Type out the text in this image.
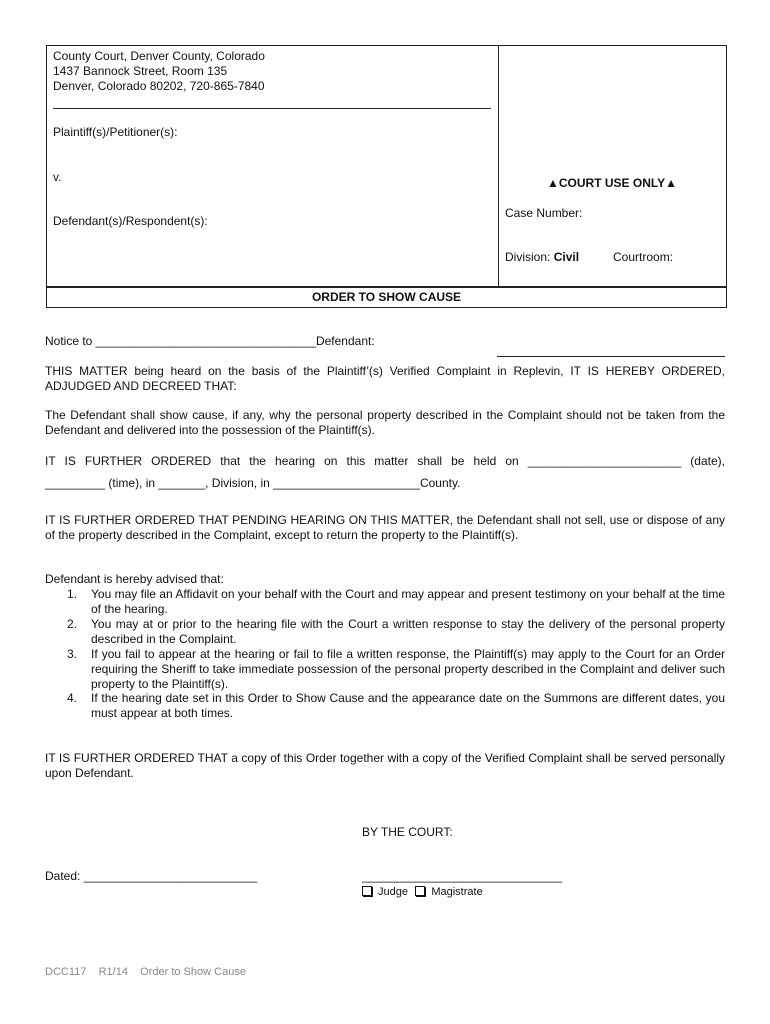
County Court, Denver County, Colorado
1437 Bannock Street, Room 135
Denver, Colorado 80202, 720-865-7840
Plaintiff(s)/Petitioner(s):
v.
Defendant(s)/Respondent(s):
▲COURT USE ONLY▲
Case Number:
Division: Civil	Courtroom:
ORDER TO SHOW CAUSE
Notice to _________________________________Defendant:
THIS MATTER being heard on the basis of the Plaintiff’(s) Verified Complaint in Replevin, IT IS HEREBY ORDERED, ADJUDGED AND DECREED THAT:
The Defendant shall show cause, if any, why the personal property described in the Complaint should not be taken from the Defendant and delivered into the possession of the Plaintiff(s).
IT IS FURTHER ORDERED that the hearing on this matter shall be held on _______________________ (date),
_________ (time), in _______, Division, in ______________________County.
IT IS FURTHER ORDERED THAT PENDING HEARING ON THIS MATTER, the Defendant shall not sell, use or dispose of any of the property described in the Complaint, except to return the property to the Plaintiff(s).
Defendant is hereby advised that:
1.	You may file an Affidavit on your behalf with the Court and may appear and present testimony on your behalf at the time of the hearing.
2.	You may at or prior to the hearing file with the Court a written response to stay the delivery of the personal property described in the Complaint.
3.	If you fail to appear at the hearing or fail to file a written response, the Plaintiff(s) may apply to the Court for an Order requiring the Sheriff to take immediate possession of the personal property described in the Complaint and deliver such property to the Plaintiff(s).
4.	If the hearing date set in this Order to Show Cause and the appearance date on the Summons are different dates, you must appear at both times.
IT IS FURTHER ORDERED THAT a copy of this Order together with a copy of the Verified Complaint shall be served personally upon Defendant.
BY THE COURT:
______________________________
Judge Magistrate
Dated: __________________________
DCC117    R1/14    Order to Show Cause
